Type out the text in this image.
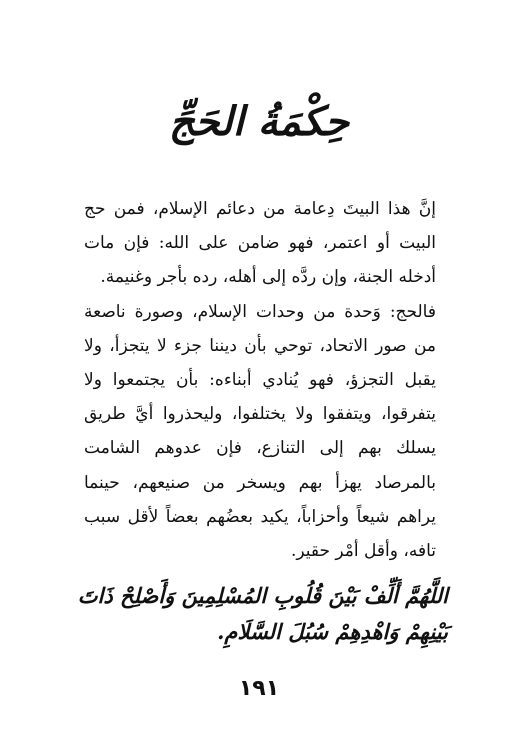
حِكْمَةُ الحَجِّ

إنَّ هذا البيتَ دِعامة من دعائم الإسلام، فمن حج البيت أو اعتمر، فهو ضامن على الله: فإن مات أدخله الجنة، وإن ردَّه إلى أهله، رده بأجر وغنيمة.

فالحج: وَحدة من وحدات الإسلام، وصورة ناصعة من صور الاتحاد، توحي بأن ديننا جزء لا يتجزأ، ولا يقبل التجزؤ، فهو يُنادي أبناءه: بأن يجتمعوا ولا يتفرقوا، ويتفقوا ولا يختلفوا، وليحذروا أيَّ طريق يسلك بهم إلى التنازع، فإن عدوهم الشامت بالمرصاد يهزأ بهم ويسخر من صنيعهم، حينما يراهم شيعاً وأحزاباً، يكيد بعضُهم بعضاً لأقل سبب تافه، وأقل أمْر حقير.

اللَّهُمَّ أَلِّفْ بَيْنَ قُلُوبِ المُسْلِمِينَ وَأَصْلِحْ ذَاتَ
بَيْنِهِمْ وَاهْدِهِمْ سُبُلَ السَّلَامِ.
١٩١
